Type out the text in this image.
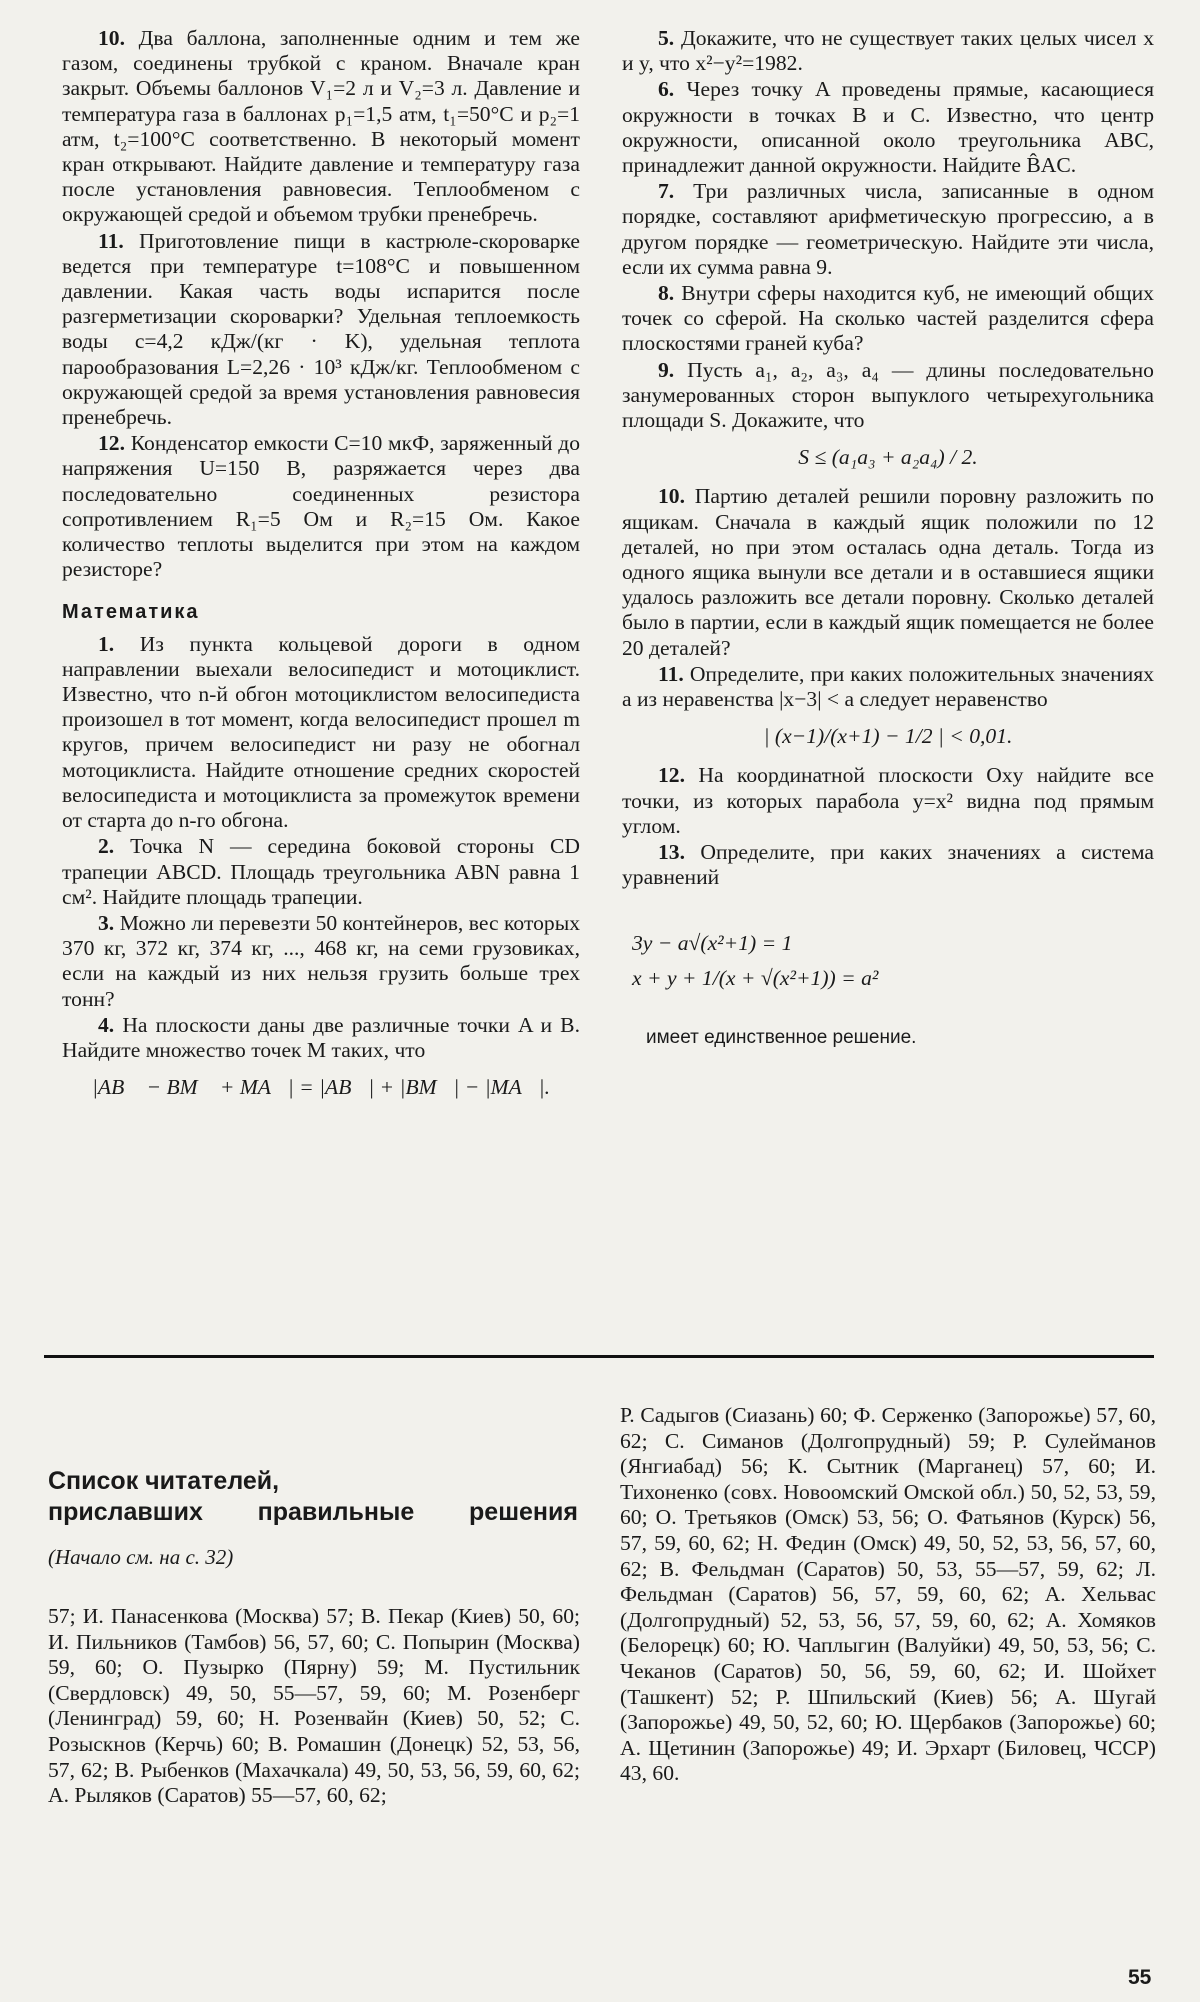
10. Два баллона, заполненные одним и тем же газом, соединены трубкой с краном. Вначале кран закрыт. Объемы баллонов V₁=2 л и V₂=3 л. Давление и температура газа в баллонах p₁=1,5 атм, t₁=50°C и p₂=1 атм, t₂=100°C соответственно. В некоторый момент кран открывают. Найдите давление и температуру газа после установления равновесия. Теплообменом с окружающей средой и объемом трубки пренебречь.
11. Приготовление пищи в кастрюле-скороварке ведется при температуре t=108°C и повышенном давлении. Какая часть воды испарится после разгерметизации скороварки? Удельная теплоемкость воды c=4,2 кДж/(кг · K), удельная теплота парообразования L=2,26 · 10³ кДж/кг. Теплообменом с окружающей средой за время установления равновесия пренебречь.
12. Конденсатор емкости C=10 мкФ, заряженный до напряжения U=150 В, разряжается через два последовательно соединенных резистора сопротивлением R₁=5 Ом и R₂=15 Ом. Какое количество теплоты выделится при этом на каждом резисторе?
Математика
1. Из пункта кольцевой дороги в одном направлении выехали велосипедист и мотоциклист. Известно, что n-й обгон мотоциклистом велосипедиста произошел в тот момент, когда велосипедист прошел m кругов, причем велосипедист ни разу не обогнал мотоциклиста. Найдите отношение средних скоростей велосипедиста и мотоциклиста за промежуток времени от старта до n-го обгона.
2. Точка N — середина боковой стороны CD трапеции ABCD. Площадь треугольника ABN равна 1 см². Найдите площадь трапеции.
3. Можно ли перевезти 50 контейнеров, вес которых 370 кг, 372 кг, 374 кг, ..., 468 кг, на семи грузовиках, если на каждый из них нельзя грузить больше трех тонн?
4. На плоскости даны две различные точки A и B. Найдите множество точек M таких, что
|AB⃗ − BM⃗ + MA⃗| = |AB⃗| + |BM⃗| − |MA⃗|.
5. Докажите, что не существует таких целых чисел x и y, что x²−y²=1982.
6. Через точку A проведены прямые, касающиеся окружности в точках B и C. Известно, что центр окружности, описанной около треугольника ABC, принадлежит данной окружности. Найдите B̂AC.
7. Три различных числа, записанные в одном порядке, составляют арифметическую прогрессию, а в другом порядке — геометрическую. Найдите эти числа, если их сумма равна 9.
8. Внутри сферы находится куб, не имеющий общих точек со сферой. На сколько частей разделится сфера плоскостями граней куба?
9. Пусть a₁, a₂, a₃, a₄ — длины последовательно занумерованных сторон выпуклого четырехугольника площади S. Докажите, что
S ≤ (a₁a₃ + a₂a₄) / 2.
10. Партию деталей решили поровну разложить по ящикам. Сначала в каждый ящик положили по 12 деталей, но при этом осталась одна деталь. Тогда из одного ящика вынули все детали и в оставшиеся ящики удалось разложить все детали поровну. Сколько деталей было в партии, если в каждый ящик помещается не более 20 деталей?
11. Определите, при каких положительных значениях a из неравенства |x−3| < a следует неравенство
| (x−1)/(x+1) − 1/2 | < 0,01.
12. На координатной плоскости Oxy найдите все точки, из которых парабола y=x² видна под прямым углом.
13. Определите, при каких значениях a система уравнений
3y − a√(x²+1) = 1
x + y + 1/(x + √(x²+1)) = a²
имеет единственное решение.
Список читателей,
приславших правильные решения
(Начало см. на с. 32)
57; И. Панасенкова (Москва) 57; В. Пекар (Киев) 50, 60; И. Пильников (Тамбов) 56, 57, 60; С. Попырин (Москва) 59, 60; О. Пузырко (Пярну) 59; М. Пустильник (Свердловск) 49, 50, 55—57, 59, 60; М. Розенберг (Ленинград) 59, 60; Н. Розенвайн (Киев) 50, 52; С. Розыскнов (Керчь) 60; В. Ромашин (Донецк) 52, 53, 56, 57, 62; В. Рыбенков (Махачкала) 49, 50, 53, 56, 59, 60, 62; А. Рыляков (Саратов) 55—57, 60, 62;
Р. Садыгов (Сиазань) 60; Ф. Серженко (Запорожье) 57, 60, 62; С. Симанов (Долгопрудный) 59; Р. Сулейманов (Янгиабад) 56; К. Сытник (Марганец) 57, 60; И. Тихоненко (совх. Новоомский Омской обл.) 50, 52, 53, 59, 60; О. Третьяков (Омск) 53, 56; О. Фатьянов (Курск) 56, 57, 59, 60, 62; Н. Федин (Омск) 49, 50, 52, 53, 56, 57, 60, 62; В. Фельдман (Саратов) 50, 53, 55—57, 59, 62; Л. Фельдман (Саратов) 56, 57, 59, 60, 62; А. Хельвас (Долгопрудный) 52, 53, 56, 57, 59, 60, 62; А. Хомяков (Белорецк) 60; Ю. Чаплыгин (Валуйки) 49, 50, 53, 56; С. Чеканов (Саратов) 50, 56, 59, 60, 62; И. Шойхет (Ташкент) 52; Р. Шпильский (Киев) 56; А. Шугай (Запорожье) 49, 50, 52, 60; Ю. Щербаков (Запорожье) 60; А. Щетинин (Запорожье) 49; И. Эрхарт (Биловец, ЧССР) 43, 60.
55
